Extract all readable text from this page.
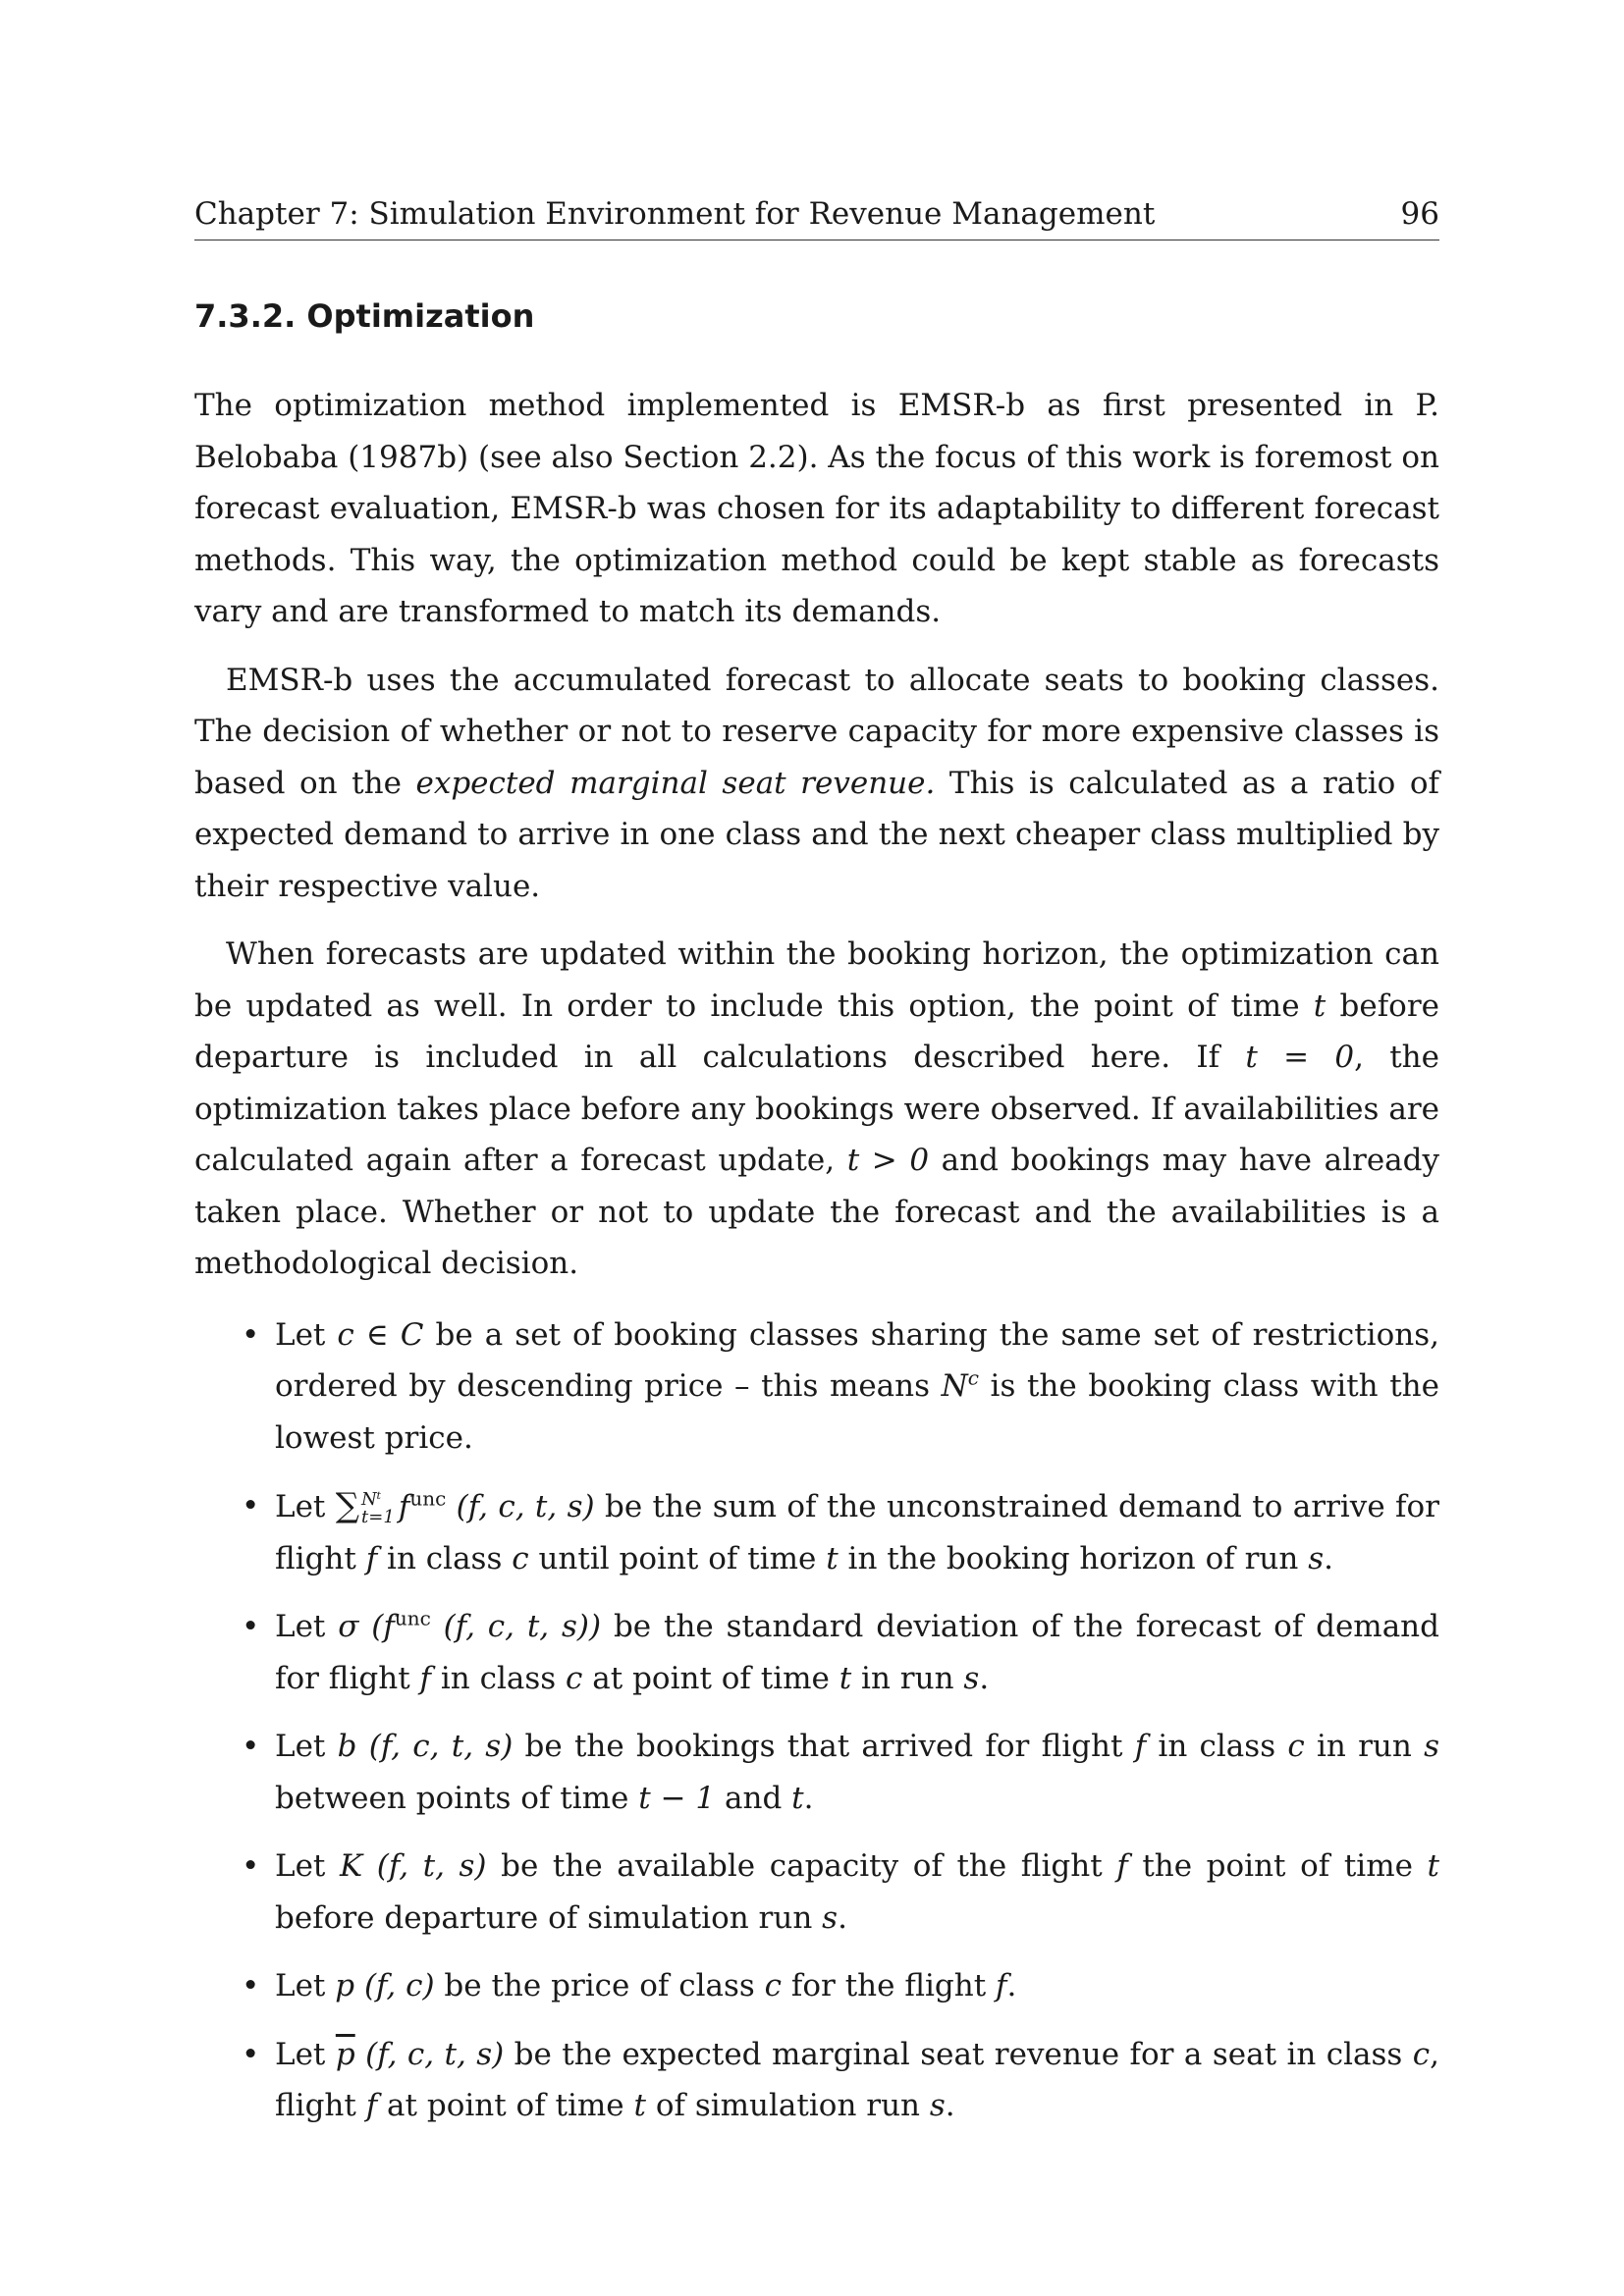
Chapter 7: Simulation Environment for Revenue Management	96
7.3.2. Optimization

The optimization method implemented is EMSR-b as first presented in P. Belobaba (1987b) (see also Section 2.2). As the focus of this work is foremost on forecast evaluation, EMSR-b was chosen for its adaptability to different forecast methods. This way, the optimization method could be kept stable as forecasts vary and are transformed to match its demands.

EMSR-b uses the accumulated forecast to allocate seats to booking classes. The decision of whether or not to reserve capacity for more expensive classes is based on the expected marginal seat revenue. This is calculated as a ratio of expected demand to arrive in one class and the next cheaper class multiplied by their respective value.

When forecasts are updated within the booking horizon, the optimization can be updated as well. In order to include this option, the point of time t before departure is included in all calculations described here. If t = 0, the optimization takes place before any bookings were observed. If availabilities are calculated again after a forecast update, t > 0 and bookings may have already taken place. Whether or not to update the forecast and the availabilities is a methodological decision.

• Let c ∈ C be a set of booking classes sharing the same set of restrictions, ordered by descending price – this means $N^c$ is the booking class with the lowest price.
• Let ∑ Nᵗ
t=1 $f^{unc}$ (f, c, t, s) be the sum of the unconstrained demand to arrive for flight f in class c until point of time t in the booking horizon of run s.
• Let σ ($f^{unc}$ (f, c, t, s)) be the standard deviation of the forecast of demand for flight f in class c at point of time t in run s.
• Let b (f, c, t, s) be the bookings that arrived for flight f in class c in run s between points of time t − 1 and t.
• Let K (f, t, s) be the available capacity of the flight f the point of time t before departure of simulation run s.
• Let p (f, c) be the price of class c for the flight f.
• Let $\overline{p}$ (f, c, t, s) be the expected marginal seat revenue for a seat in class c, flight f at point of time t of simulation run s.
